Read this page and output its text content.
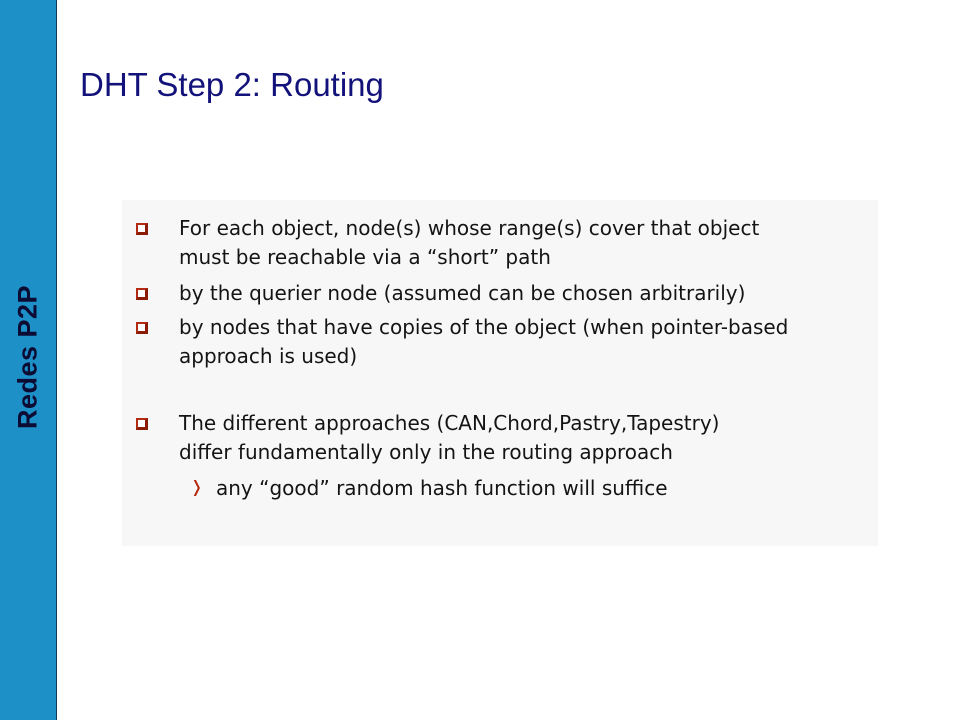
Redes P2P
DHT Step 2: Routing
For each object, node(s) whose range(s) cover that object
must be reachable via a “short” path
by the querier node (assumed can be chosen arbitrarily)
by nodes that have copies of the object (when pointer-based
approach is used)
The different approaches (CAN,Chord,Pastry,Tapestry)
differ fundamentally only in the routing approach
❭ any “good” random hash function will suffice
